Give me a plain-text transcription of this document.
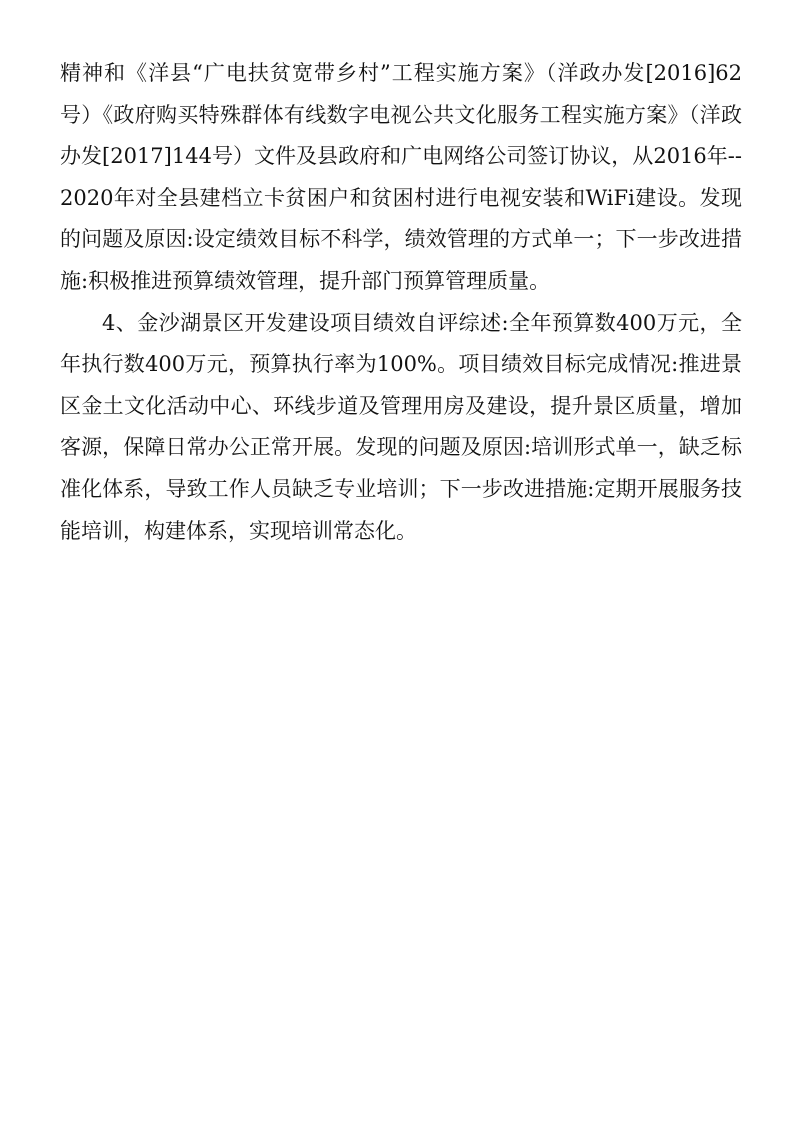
精神和《洋县“广电扶贫宽带乡村”工程实施方案》（洋政办发[2016]62号）《政府购买特殊群体有线数字电视公共文化服务工程实施方案》（洋政办发[2017]144号）文件及县政府和广电网络公司签订协议，从2016年--2020年对全县建档立卡贫困户和贫困村进行电视安装和WiFi建设。发现的问题及原因:设定绩效目标不科学，绩效管理的方式单一；下一步改进措施:积极推进预算绩效管理，提升部门预算管理质量。

4、金沙湖景区开发建设项目绩效自评综述:全年预算数400万元，全年执行数400万元，预算执行率为100%。项目绩效目标完成情况:推进景区金土文化活动中心、环线步道及管理用房及建设，提升景区质量，增加客源，保障日常办公正常开展。发现的问题及原因:培训形式单一，缺乏标准化体系，导致工作人员缺乏专业培训；下一步改进措施:定期开展服务技能培训，构建体系，实现培训常态化。
